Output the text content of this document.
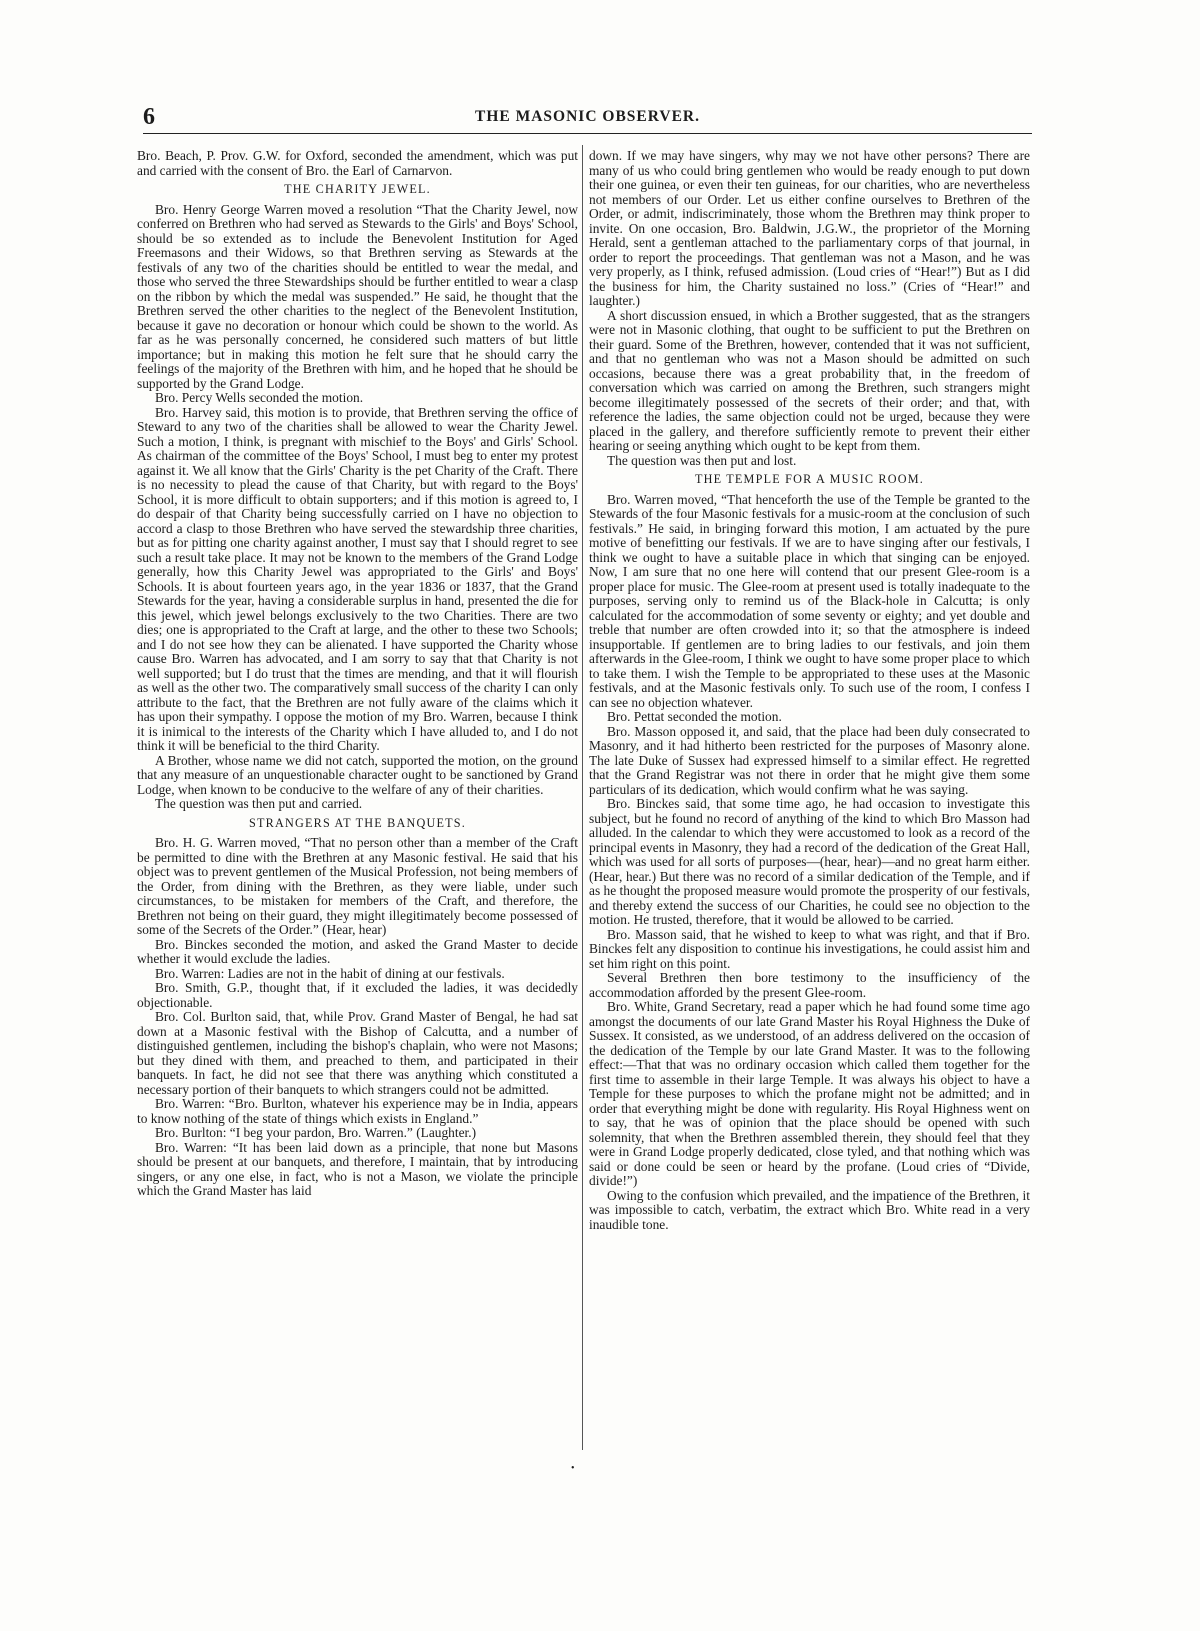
6	THE MASONIC OBSERVER.

Bro. Beach, P. Prov. G.W. for Oxford, seconded the amendment, which was put and carried with the consent of Bro. the Earl of Carnarvon.

THE CHARITY JEWEL.

Bro. Henry George Warren moved a resolution “That the Charity Jewel, now conferred on Brethren who had served as Stewards to the Girls' and Boys' School, should be so extended as to include the Benevolent Institution for Aged Freemasons and their Widows, so that Brethren serving as Stewards at the festivals of any two of the charities should be entitled to wear the medal, and those who served the three Stewardships should be further entitled to wear a clasp on the ribbon by which the medal was suspended.” He said, he thought that the Brethren served the other charities to the neglect of the Benevolent Institution, because it gave no decoration or honour which could be shown to the world. As far as he was personally concerned, he considered such matters of but little importance; but in making this motion he felt sure that he should carry the feelings of the majority of the Brethren with him, and he hoped that he should be supported by the Grand Lodge.

Bro. Percy Wells seconded the motion.

Bro. Harvey said, this motion is to provide, that Brethren serving the office of Steward to any two of the charities shall be allowed to wear the Charity Jewel. Such a motion, I think, is pregnant with mischief to the Boys' and Girls' School. As chairman of the committee of the Boys' School, I must beg to enter my protest against it. We all know that the Girls' Charity is the pet Charity of the Craft. There is no necessity to plead the cause of that Charity, but with regard to the Boys' School, it is more difficult to obtain supporters; and if this motion is agreed to, I do despair of that Charity being successfully carried on I have no objection to accord a clasp to those Brethren who have served the stewardship three charities, but as for pitting one charity against another, I must say that I should regret to see such a result take place. It may not be known to the members of the Grand Lodge generally, how this Charity Jewel was appropriated to the Girls' and Boys' Schools. It is about fourteen years ago, in the year 1836 or 1837, that the Grand Stewards for the year, having a considerable surplus in hand, presented the die for this jewel, which jewel belongs exclusively to the two Charities. There are two dies; one is appropriated to the Craft at large, and the other to these two Schools; and I do not see how they can be alienated. I have supported the Charity whose cause Bro. Warren has advocated, and I am sorry to say that that Charity is not well supported; but I do trust that the times are mending, and that it will flourish as well as the other two. The comparatively small success of the charity I can only attribute to the fact, that the Brethren are not fully aware of the claims which it has upon their sympathy. I oppose the motion of my Bro. Warren, because I think it is inimical to the interests of the Charity which I have alluded to, and I do not think it will be beneficial to the third Charity.

A Brother, whose name we did not catch, supported the motion, on the ground that any measure of an unquestionable character ought to be sanctioned by Grand Lodge, when known to be conducive to the welfare of any of their charities.

The question was then put and carried.

STRANGERS AT THE BANQUETS.

Bro. H. G. Warren moved, “That no person other than a member of the Craft be permitted to dine with the Brethren at any Masonic festival. He said that his object was to prevent gentlemen of the Musical Profession, not being members of the Order, from dining with the Brethren, as they were liable, under such circumstances, to be mistaken for members of the Craft, and therefore, the Brethren not being on their guard, they might illegitimately become possessed of some of the Secrets of the Order.” (Hear, hear)

Bro. Binckes seconded the motion, and asked the Grand Master to decide whether it would exclude the ladies.

Bro. Warren: Ladies are not in the habit of dining at our festivals.

Bro. Smith, G.P., thought that, if it excluded the ladies, it was decidedly objectionable.

Bro. Col. Burlton said, that, while Prov. Grand Master of Bengal, he had sat down at a Masonic festival with the Bishop of Calcutta, and a number of distinguished gentlemen, including the bishop's chaplain, who were not Masons; but they dined with them, and preached to them, and participated in their banquets. In fact, he did not see that there was anything which constituted a necessary portion of their banquets to which strangers could not be admitted.

Bro. Warren: “Bro. Burlton, whatever his experience may be in India, appears to know nothing of the state of things which exists in England.”

Bro. Burlton: “I beg your pardon, Bro. Warren.” (Laughter.)

Bro. Warren: “It has been laid down as a principle, that none but Masons should be present at our banquets, and therefore, I maintain, that by introducing singers, or any one else, in fact, who is not a Mason, we violate the principle which the Grand Master has laid

down. If we may have singers, why may we not have other persons? There are many of us who could bring gentlemen who would be ready enough to put down their one guinea, or even their ten guineas, for our charities, who are nevertheless not members of our Order. Let us either confine ourselves to Brethren of the Order, or admit, indiscriminately, those whom the Brethren may think proper to invite. On one occasion, Bro. Baldwin, J.G.W., the proprietor of the Morning Herald, sent a gentleman attached to the parliamentary corps of that journal, in order to report the proceedings. That gentleman was not a Mason, and he was very properly, as I think, refused admission. (Loud cries of “Hear!”) But as I did the business for him, the Charity sustained no loss.” (Cries of “Hear!” and laughter.)

A short discussion ensued, in which a Brother suggested, that as the strangers were not in Masonic clothing, that ought to be sufficient to put the Brethren on their guard. Some of the Brethren, however, contended that it was not sufficient, and that no gentleman who was not a Mason should be admitted on such occasions, because there was a great probability that, in the freedom of conversation which was carried on among the Brethren, such strangers might become illegitimately possessed of the secrets of their order; and that, with reference the ladies, the same objection could not be urged, because they were placed in the gallery, and therefore sufficiently remote to prevent their either hearing or seeing anything which ought to be kept from them.

The question was then put and lost.

THE TEMPLE FOR A MUSIC ROOM.

Bro. Warren moved, “That henceforth the use of the Temple be granted to the Stewards of the four Masonic festivals for a music-room at the conclusion of such festivals.” He said, in bringing forward this motion, I am actuated by the pure motive of benefitting our festivals. If we are to have singing after our festivals, I think we ought to have a suitable place in which that singing can be enjoyed. Now, I am sure that no one here will contend that our present Glee-room is a proper place for music. The Glee-room at present used is totally inadequate to the purposes, serving only to remind us of the Black-hole in Calcutta; is only calculated for the accommodation of some seventy or eighty; and yet double and treble that number are often crowded into it; so that the atmosphere is indeed insupportable. If gentlemen are to bring ladies to our festivals, and join them afterwards in the Glee-room, I think we ought to have some proper place to which to take them. I wish the Temple to be appropriated to these uses at the Masonic festivals, and at the Masonic festivals only. To such use of the room, I confess I can see no objection whatever.

Bro. Pettat seconded the motion.

Bro. Masson opposed it, and said, that the place had been duly consecrated to Masonry, and it had hitherto been restricted for the purposes of Masonry alone. The late Duke of Sussex had expressed himself to a similar effect. He regretted that the Grand Registrar was not there in order that he might give them some particulars of its dedication, which would confirm what he was saying.

Bro. Binckes said, that some time ago, he had occasion to investigate this subject, but he found no record of anything of the kind to which Bro Masson had alluded. In the calendar to which they were accustomed to look as a record of the principal events in Masonry, they had a record of the dedication of the Great Hall, which was used for all sorts of purposes—(hear, hear)—and no great harm either. (Hear, hear.) But there was no record of a similar dedication of the Temple, and if as he thought the proposed measure would promote the prosperity of our festivals, and thereby extend the success of our Charities, he could see no objection to the motion. He trusted, therefore, that it would be allowed to be carried.

Bro. Masson said, that he wished to keep to what was right, and that if Bro. Binckes felt any disposition to continue his investigations, he could assist him and set him right on this point.

Several Brethren then bore testimony to the insufficiency of the accommodation afforded by the present Glee-room.

Bro. White, Grand Secretary, read a paper which he had found some time ago amongst the documents of our late Grand Master his Royal Highness the Duke of Sussex. It consisted, as we understood, of an address delivered on the occasion of the dedication of the Temple by our late Grand Master. It was to the following effect:—That that was no ordinary occasion which called them together for the first time to assemble in their large Temple. It was always his object to have a Temple for these purposes to which the profane might not be admitted; and in order that everything might be done with regularity. His Royal Highness went on to say, that he was of opinion that the place should be opened with such solemnity, that when the Brethren assembled therein, they should feel that they were in Grand Lodge properly dedicated, close tyled, and that nothing which was said or done could be seen or heard by the profane. (Loud cries of “Divide, divide!”)

Owing to the confusion which prevailed, and the impatience of the Brethren, it was impossible to catch, verbatim, the extract which Bro. White read in a very inaudible tone.

•
